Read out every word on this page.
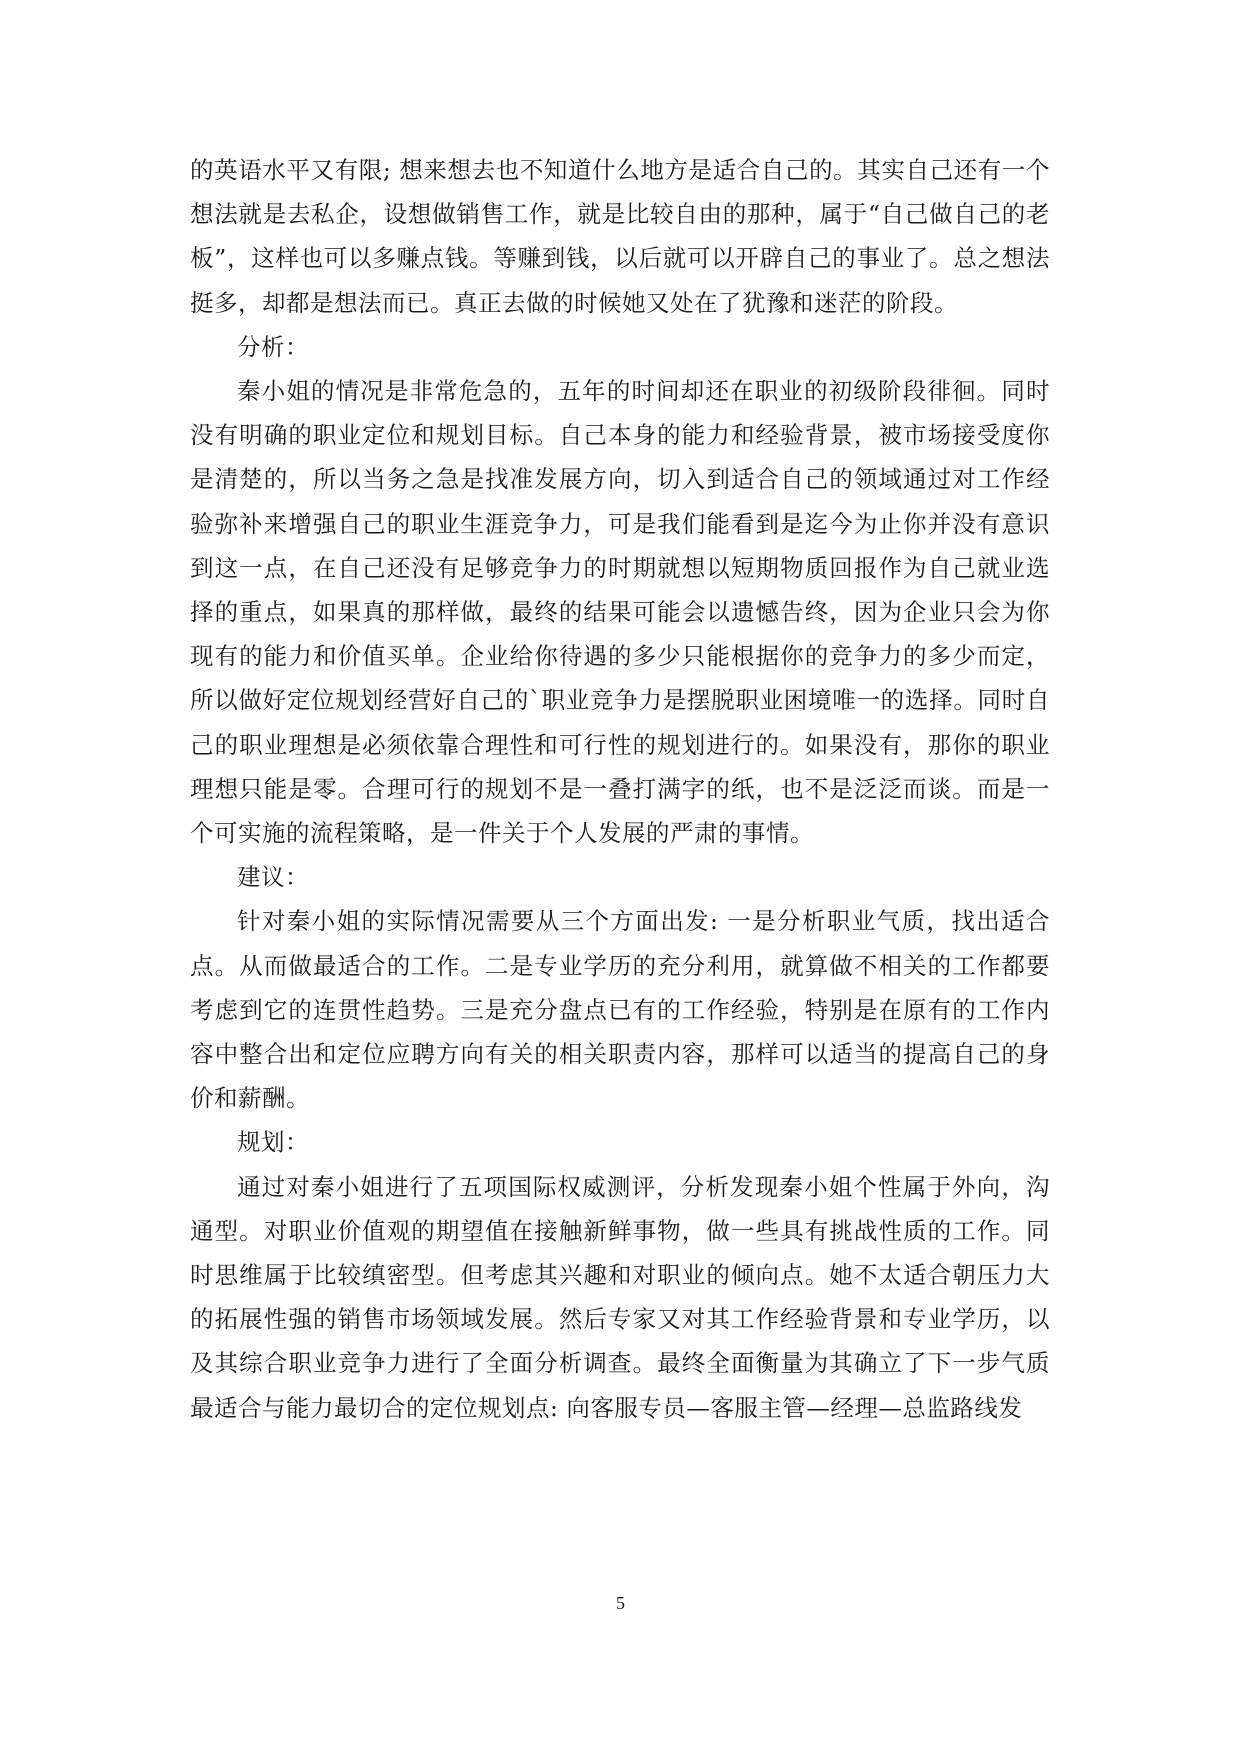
的英语水平又有限; 想来想去也不知道什么地方是适合自己的。其实自己还有一个想法就是去私企，设想做销售工作，就是比较自由的那种，属于“自己做自己的老板”，这样也可以多赚点钱。等赚到钱，以后就可以开辟自己的事业了。总之想法挺多，却都是想法而已。真正去做的时候她又处在了犹豫和迷茫的阶段。

分析：

秦小姐的情况是非常危急的，五年的时间却还在职业的初级阶段徘徊。同时没有明确的职业定位和规划目标。自己本身的能力和经验背景，被市场接受度你是清楚的，所以当务之急是找准发展方向，切入到适合自己的领域通过对工作经验弥补来增强自己的职业生涯竞争力，可是我们能看到是迄今为止你并没有意识到这一点，在自己还没有足够竞争力的时期就想以短期物质回报作为自己就业选择的重点，如果真的那样做，最终的结果可能会以遗憾告终，因为企业只会为你现有的能力和价值买单。企业给你待遇的多少只能根据你的竞争力的多少而定，所以做好定位规划经营好自己的`职业竞争力是摆脱职业困境唯一的选择。同时自己的职业理想是必须依靠合理性和可行性的规划进行的。如果没有，那你的职业理想只能是零。合理可行的规划不是一叠打满字的纸，也不是泛泛而谈。而是一个可实施的流程策略，是一件关于个人发展的严肃的事情。

建议：

针对秦小姐的实际情况需要从三个方面出发: 一是分析职业气质，找出适合点。从而做最适合的工作。二是专业学历的充分利用，就算做不相关的工作都要考虑到它的连贯性趋势。三是充分盘点已有的工作经验，特别是在原有的工作内容中整合出和定位应聘方向有关的相关职责内容，那样可以适当的提高自己的身价和薪酬。

规划：

通过对秦小姐进行了五项国际权威测评，分析发现秦小姐个性属于外向，沟通型。对职业价值观的期望值在接触新鲜事物，做一些具有挑战性质的工作。同时思维属于比较缜密型。但考虑其兴趣和对职业的倾向点。她不太适合朝压力大的拓展性强的销售市场领域发展。然后专家又对其工作经验背景和专业学历，以及其综合职业竞争力进行了全面分析调查。最终全面衡量为其确立了下一步气质最适合与能力最切合的定位规划点: 向客服专员—客服主管—经理—总监路线发

5
